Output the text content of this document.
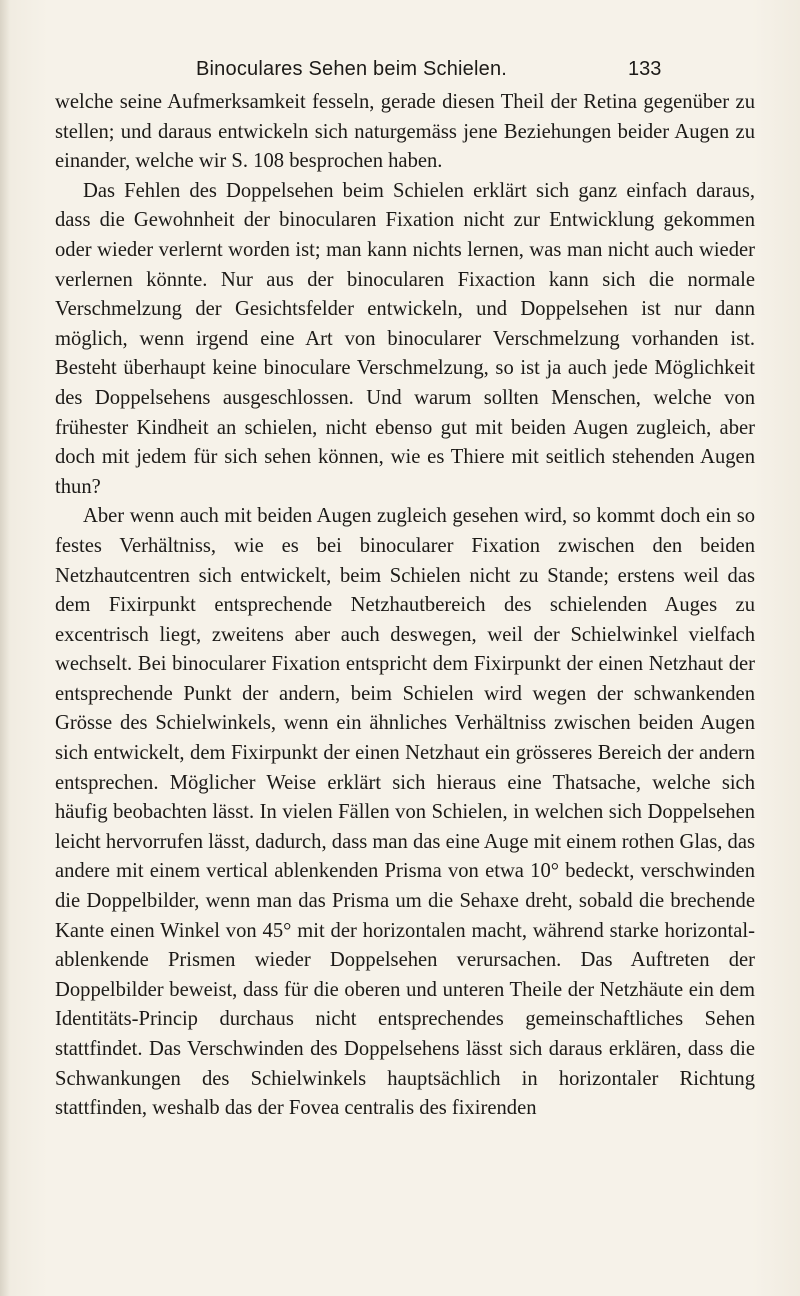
Binoculares Sehen beim Schielen.	133

welche seine Aufmerksamkeit fesseln, gerade diesen Theil der Retina gegenüber zu stellen; und daraus entwickeln sich naturgemäss jene Beziehungen beider Augen zu einander, welche wir S. 108 besprochen haben.

Das Fehlen des Doppelsehen beim Schielen erklärt sich ganz einfach daraus, dass die Gewohnheit der binocularen Fixation nicht zur Entwicklung gekommen oder wieder verlernt worden ist; man kann nichts lernen, was man nicht auch wieder verlernen könnte. Nur aus der binocularen Fixaction kann sich die normale Verschmelzung der Gesichtsfelder entwickeln, und Doppelsehen ist nur dann möglich, wenn irgend eine Art von binocularer Verschmelzung vorhanden ist. Besteht überhaupt keine binoculare Verschmelzung, so ist ja auch jede Möglichkeit des Doppelsehens ausgeschlossen. Und warum sollten Menschen, welche von frühester Kindheit an schielen, nicht ebenso gut mit beiden Augen zugleich, aber doch mit jedem für sich sehen können, wie es Thiere mit seitlich stehenden Augen thun?

Aber wenn auch mit beiden Augen zugleich gesehen wird, so kommt doch ein so festes Verhältniss, wie es bei binocularer Fixation zwischen den beiden Netzhautcentren sich entwickelt, beim Schielen nicht zu Stande; erstens weil das dem Fixirpunkt entsprechende Netzhautbereich des schielenden Auges zu excentrisch liegt, zweitens aber auch deswegen, weil der Schielwinkel vielfach wechselt. Bei binocularer Fixation entspricht dem Fixirpunkt der einen Netzhaut der entsprechende Punkt der andern, beim Schielen wird wegen der schwankenden Grösse des Schielwinkels, wenn ein ähnliches Verhältniss zwischen beiden Augen sich entwickelt, dem Fixirpunkt der einen Netzhaut ein grösseres Bereich der andern entsprechen. Möglicher Weise erklärt sich hieraus eine Thatsache, welche sich häufig beobachten lässt. In vielen Fällen von Schielen, in welchen sich Doppelsehen leicht hervorrufen lässt, dadurch, dass man das eine Auge mit einem rothen Glas, das andere mit einem vertical ablenkenden Prisma von etwa 10° bedeckt, verschwinden die Doppelbilder, wenn man das Prisma um die Sehaxe dreht, sobald die brechende Kante einen Winkel von 45° mit der horizontalen macht, während starke horizontal-ablenkende Prismen wieder Doppelsehen verursachen. Das Auftreten der Doppelbilder beweist, dass für die oberen und unteren Theile der Netzhäute ein dem Identitäts-Princip durchaus nicht entsprechendes gemeinschaftliches Sehen stattfindet. Das Verschwinden des Doppelsehens lässt sich daraus erklären, dass die Schwankungen des Schielwinkels hauptsächlich in horizontaler Richtung stattfinden, weshalb das der Fovea centralis des fixirenden
